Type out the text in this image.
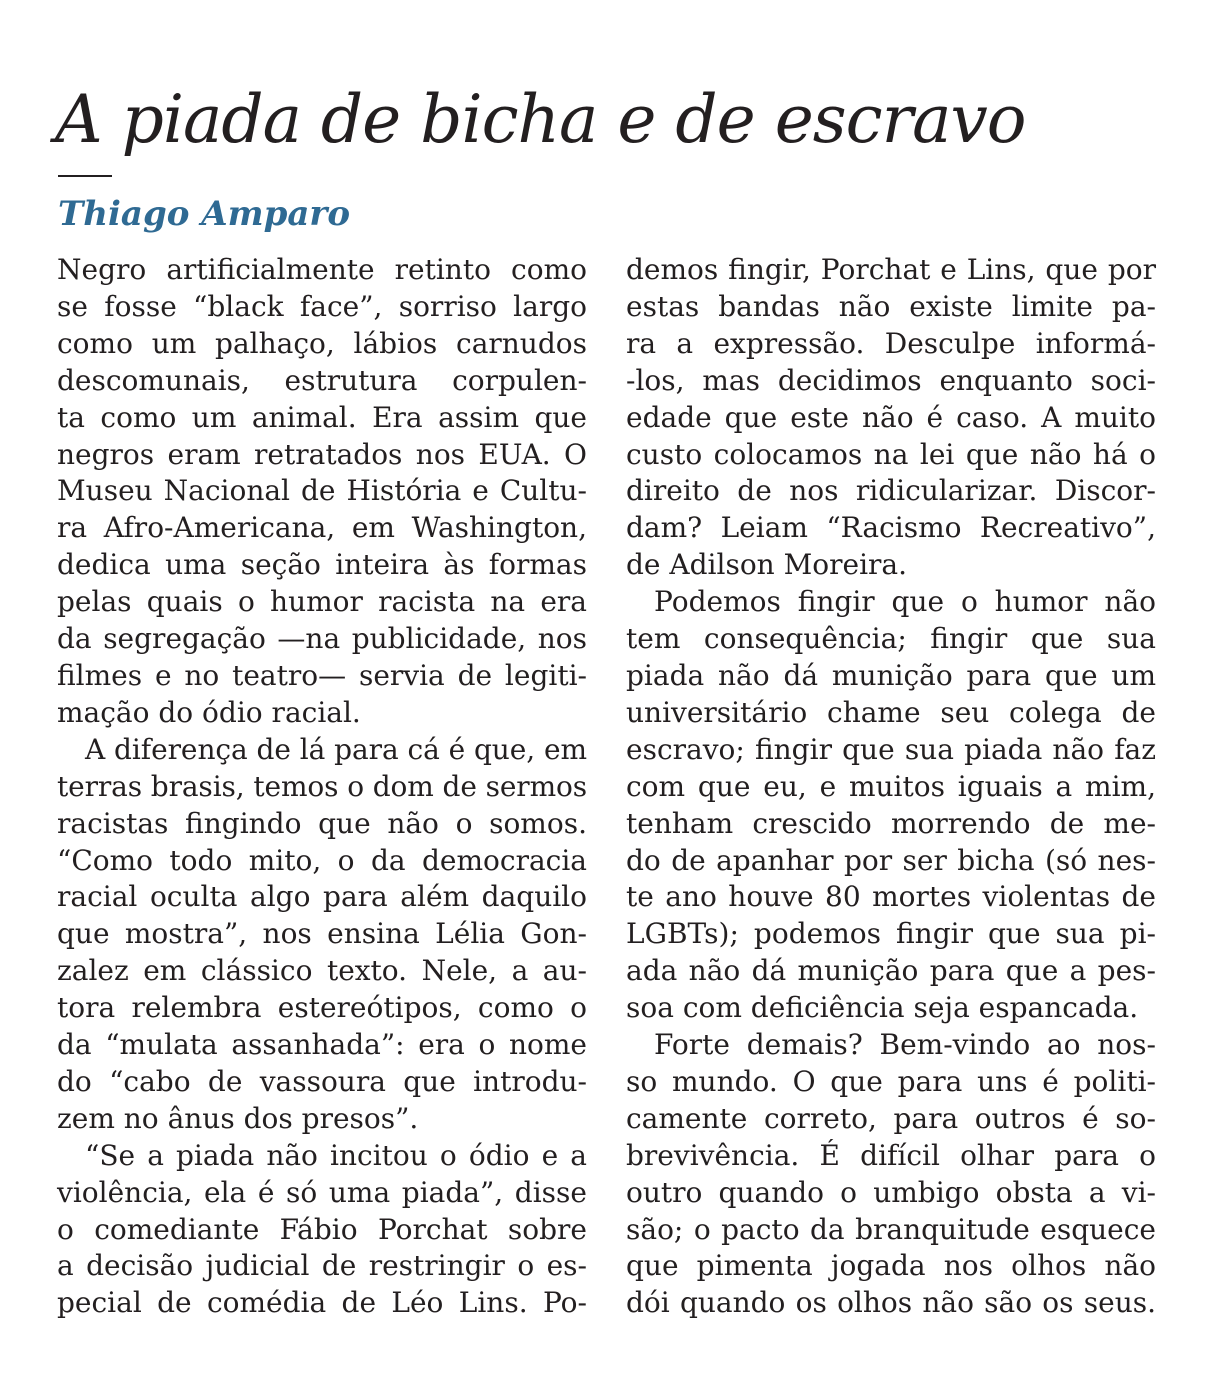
A piada de bicha e de escravo
Thiago Amparo
Negro artificialmente retinto como
se fosse “black face”, sorriso largo
como um palhaço, lábios carnudos
descomunais, estrutura corpulen-
ta como um animal. Era assim que
negros eram retratados nos EUA. O
Museu Nacional de História e Cultu-
ra Afro-Americana, em Washington,
dedica uma seção inteira às formas
pelas quais o humor racista na era
da segregação —na publicidade, nos
filmes e no teatro— servia de legiti-
mação do ódio racial.
A diferença de lá para cá é que, em
terras brasis, temos o dom de sermos
racistas fingindo que não o somos.
“Como todo mito, o da democracia
racial oculta algo para além daquilo
que mostra”, nos ensina Lélia Gon-
zalez em clássico texto. Nele, a au-
tora relembra estereótipos, como o
da “mulata assanhada”: era o nome
do “cabo de vassoura que introdu-
zem no ânus dos presos”.
“Se a piada não incitou o ódio e a
violência, ela é só uma piada”, disse
o comediante Fábio Porchat sobre
a decisão judicial de restringir o es-
pecial de comédia de Léo Lins. Po-
demos fingir, Porchat e Lins, que por
estas bandas não existe limite pa-
ra a expressão. Desculpe informá-
-los, mas decidimos enquanto soci-
edade que este não é caso. A muito
custo colocamos na lei que não há o
direito de nos ridicularizar. Discor-
dam? Leiam “Racismo Recreativo”,
de Adilson Moreira.
Podemos fingir que o humor não
tem consequência; fingir que sua
piada não dá munição para que um
universitário chame seu colega de
escravo; fingir que sua piada não faz
com que eu, e muitos iguais a mim,
tenham crescido morrendo de me-
do de apanhar por ser bicha (só nes-
te ano houve 80 mortes violentas de
LGBTs); podemos fingir que sua pi-
ada não dá munição para que a pes-
soa com deficiência seja espancada.
Forte demais? Bem-vindo ao nos-
so mundo. O que para uns é politi-
camente correto, para outros é so-
brevivência. É difícil olhar para o
outro quando o umbigo obsta a vi-
são; o pacto da branquitude esquece
que pimenta jogada nos olhos não
dói quando os olhos não são os seus.
